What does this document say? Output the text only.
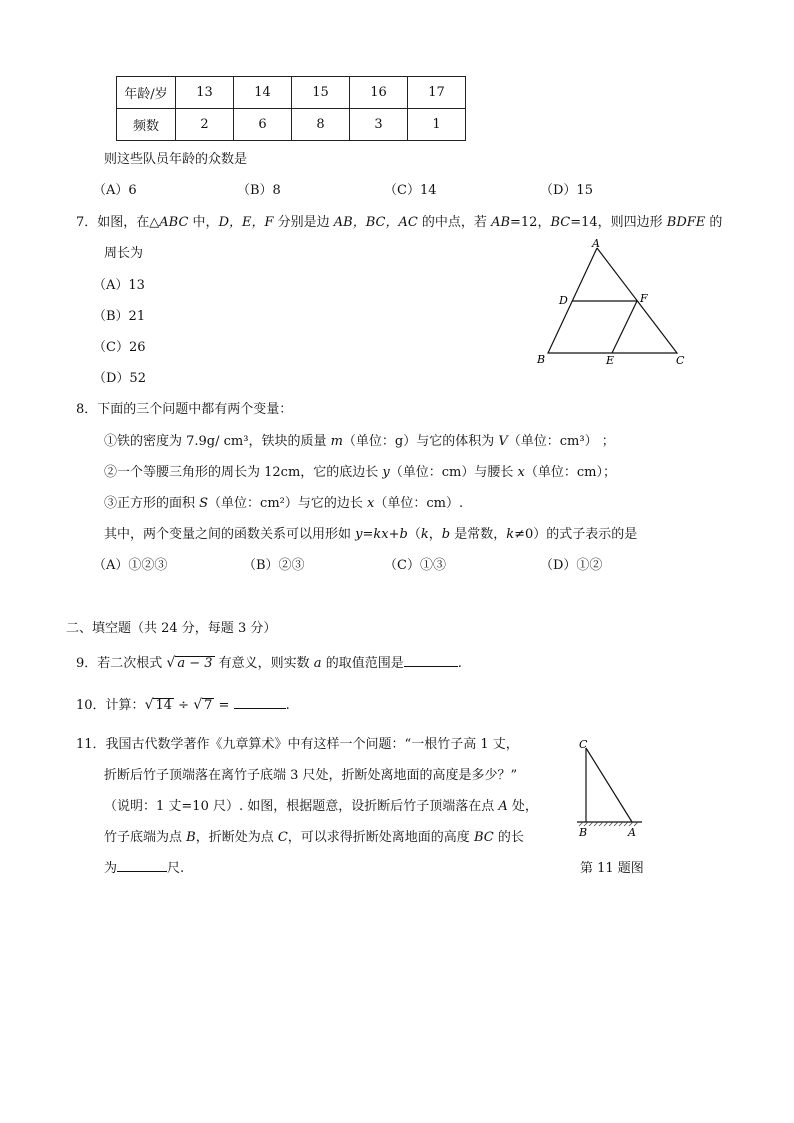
年龄/岁	13	14	15	16	17
频数	2	6	8	3	1
则这些队员年龄的众数是
（A）6	（B）8	（C）14	（D）15
7．如图，在△ABC 中，D，E，F 分别是边 AB，BC，AC 的中点，若 AB=12，BC=14，则四边形 BDFE 的
周长为
（A）13
（B）21
（C）26
（D）52
A
D	F
B	E	C
8．下面的三个问题中都有两个变量：
①铁的密度为 7.9g/ cm³，铁块的质量 m（单位：g）与它的体积为 V（单位：cm³） ；
②一个等腰三角形的周长为 12cm，它的底边长 y（单位：cm）与腰长 x（单位：cm）；
③正方形的面积 S（单位：cm²）与它的边长 x（单位：cm）.
其中，两个变量之间的函数关系可以用形如 y=kx+b（k，b 是常数，k≠0）的式子表示的是
（A）①②③	（B）②③	（C）①③	（D）①②
二、填空题（共 24 分，每题 3 分）
9．若二次根式 √ a − 3 有意义，则实数 a 的取值范围是	.
10．计算：√ 14 ÷ √ 7 =	.
11．我国古代数学著作《九章算术》中有这样一个问题：“一根竹子高 1 丈，
折断后竹子顶端落在离竹子底端 3 尺处，折断处离地面的高度是多少？”
（说明：1 丈=10 尺）. 如图，根据题意，设折断后竹子顶端落在点 A 处，
竹子底端为点 B，折断处为点 C，可以求得折断处离地面的高度 BC 的长
为	尺.
C
B	A
第 11 题图
